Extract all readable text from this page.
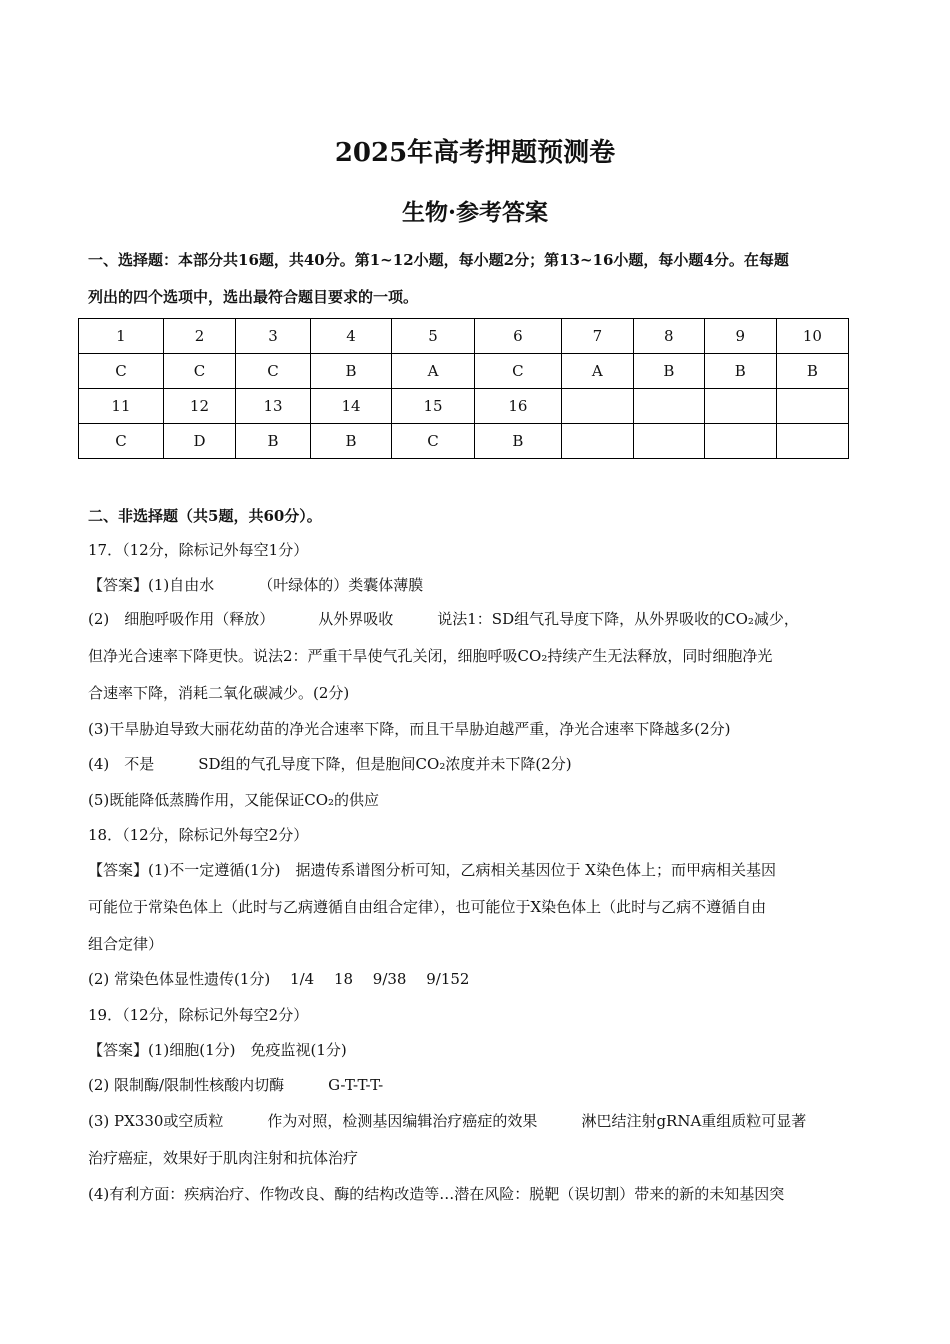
2025年高考押题预测卷
生物·参考答案
一、选择题：本部分共16题，共40分。第1~12小题，每小题2分；第13~16小题，每小题4分。在每题
列出的四个选项中，选出最符合题目要求的一项。
1	2	3	4	5	6	7	8	9	10
C	C	C	B	A	C	A	B	B	B
11	12	13	14	15	16				
C	D	B	B	C	B				
二、非选择题（共5题，共60分）。
17．（12分，除标记外每空1分）
【答案】(1)自由水	（叶绿体的）类囊体薄膜
(2)　细胞呼吸作用（释放）	从外界吸收	说法1：SD组气孔导度下降，从外界吸收的CO₂减少，
但净光合速率下降更快。说法2：严重干旱使气孔关闭，细胞呼吸CO₂持续产生无法释放，同时细胞净光
合速率下降，消耗二氧化碳减少。(2分)
(3)干旱胁迫导致大丽花幼苗的净光合速率下降，而且干旱胁迫越严重，净光合速率下降越多(2分)
(4)　不是	SD组的气孔导度下降，但是胞间CO₂浓度并未下降(2分)
(5)既能降低蒸腾作用，又能保证CO₂的供应
18．（12分，除标记外每空2分）
【答案】(1)不一定遵循(1分)　据遗传系谱图分析可知，乙病相关基因位于 X染色体上；而甲病相关基因
可能位于常染色体上（此时与乙病遵循自由组合定律），也可能位于X染色体上（此时与乙病不遵循自由
组合定律）
(2) 常染色体显性遗传(1分)　 1/4　 18　 9/38　 9/152
19．（12分，除标记外每空2分）
【答案】(1)细胞(1分)　免疫监视(1分)
(2) 限制酶/限制性核酸内切酶	G-T-T-T-
(3) PX330或空质粒	作为对照，检测基因编辑治疗癌症的效果	淋巴结注射gRNA重组质粒可显著
治疗癌症，效果好于肌肉注射和抗体治疗
(4)有利方面：疾病治疗、作物改良、酶的结构改造等…潜在风险：脱靶（误切割）带来的新的未知基因突
